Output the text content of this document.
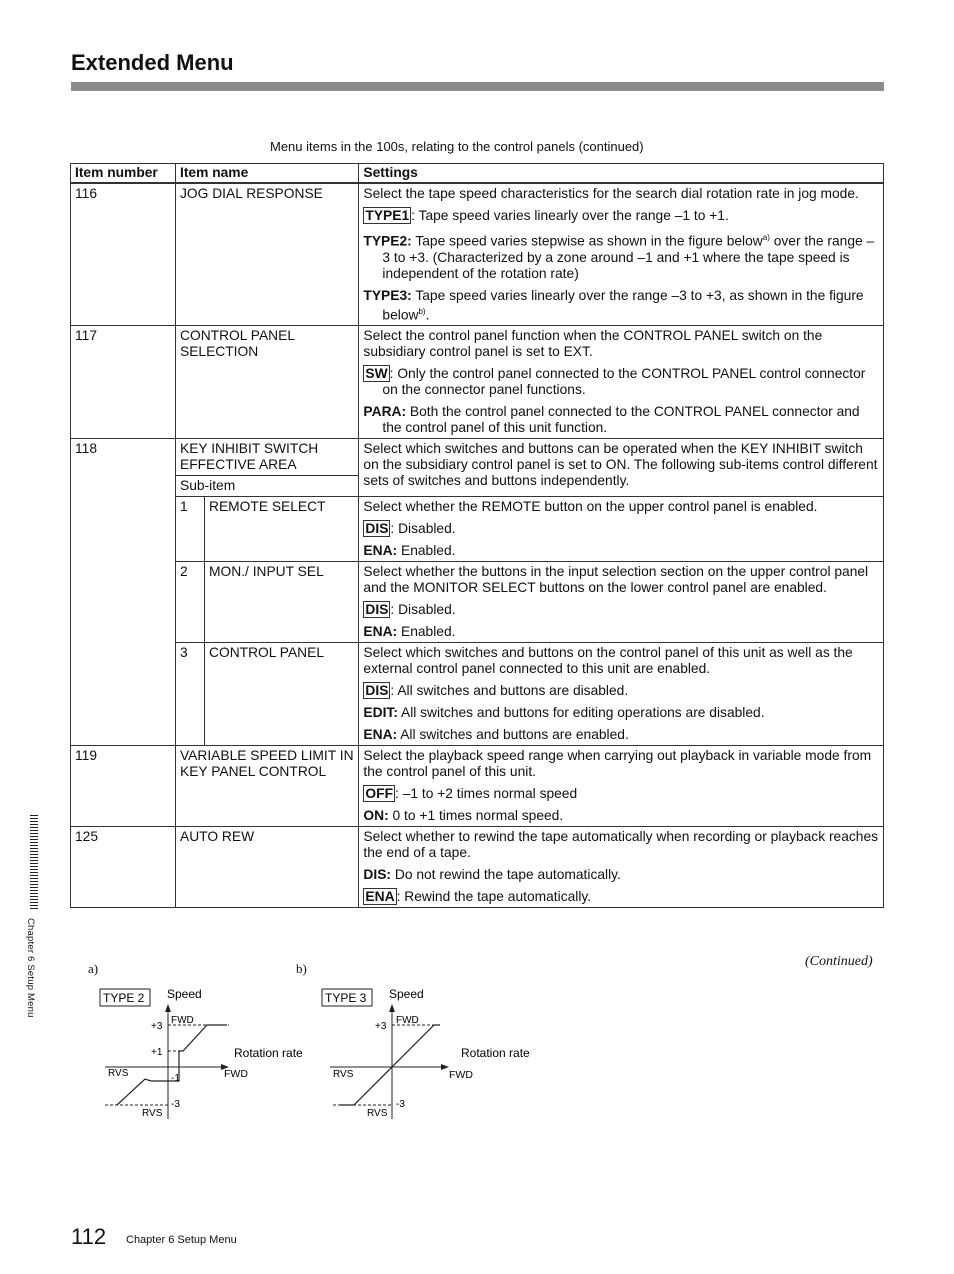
Extended Menu
Menu items in the 100s, relating to the control panels (continued)
Item number	Item name		Settings
116	JOG DIAL RESPONSE		Select the tape speed characteristics for the search dial rotation rate in jog mode.
TYPE1 : Tape speed varies linearly over the range –1 to +1.
TYPE2: Tape speed varies stepwise as shown in the figure below$^{a)}$ over the range –3 to +3. (Characterized by a zone around –1 and +1 where the tape speed is independent of the rotation rate)
TYPE3: Tape speed varies linearly over the range –3 to +3, as shown in the figure below$^{b)}$.

117	CONTROL PANEL SELECTION		Select the control panel function when the CONTROL PANEL switch on the subsidiary control panel is set to EXT.
SW : Only the control panel connected to the CONTROL PANEL control connector on the connector panel functions.
PARA: Both the control panel connected to the CONTROL PANEL connector and the control panel of this unit function.

118	KEY INHIBIT SWITCH EFFECTIVE AREA		Select which switches and buttons can be operated when the KEY INHIBIT switch on the subsidiary control panel is set to ON. The following sub-items control different sets of switches and buttons independently.

	Sub-item		
	1	REMOTE SELECT	Select whether the REMOTE button on the upper control panel is enabled.
DIS : Disabled.
ENA: Enabled.

	2	MON./ INPUT SEL	Select whether the buttons in the input selection section on the upper control panel and the MONITOR SELECT buttons on the lower control panel are enabled.
DIS : Disabled.
ENA: Enabled.

	3	CONTROL PANEL	Select which switches and buttons on the control panel of this unit as well as the external control panel connected to this unit are enabled.
DIS : All switches and buttons are disabled.
EDIT: All switches and buttons for editing operations are disabled.
ENA: All switches and buttons are enabled.

119	VARIABLE SPEED LIMIT IN KEY PANEL CONTROL		Select the playback speed range when carrying out playback in variable mode from the control panel of this unit.
OFF : –1 to +2 times normal speed
ON: 0 to +1 times normal speed.

125	AUTO REW		Select whether to rewind the tape automatically when recording or playback reaches the end of a tape.
DIS: Do not rewind the tape automatically.
ENA : Rewind the tape automatically.
(Continued)
Chapter 6 Setup Menu	a)
TYPE 2 Speed
Rotation rate
+3
+1
-1
-3
FWD
FWD
RVS
RVS
b)
TYPE 3 Speed
Rotation rate
+3
-3
FWD
FWD
RVS
RVS
112 Chapter 6 Setup Menu
